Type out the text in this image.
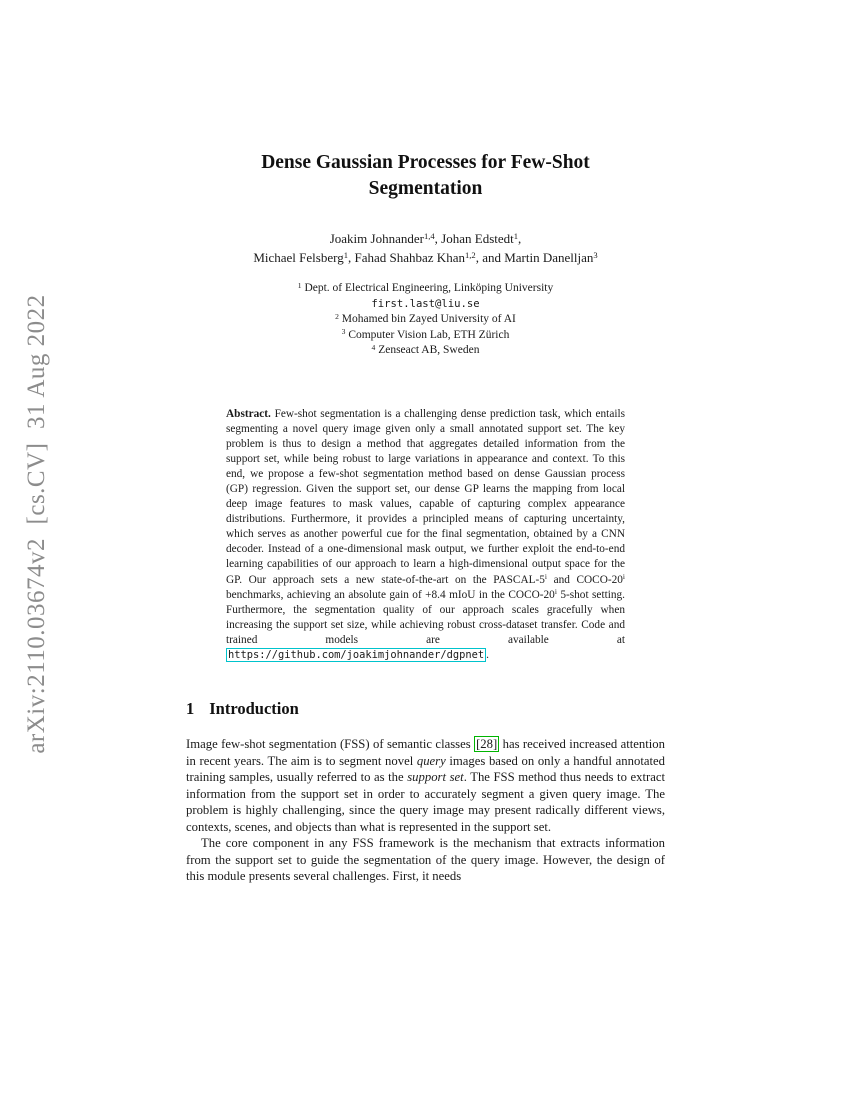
arXiv:2110.03674v2  [cs.CV]  31 Aug 2022
Dense Gaussian Processes for Few-Shot
Segmentation
Joakim Johnander$^{1,4}$, Johan Edstedt$^1$,
Michael Felsberg$^1$, Fahad Shahbaz Khan$^{1,2}$, and Martin Danelljan$^3$
$^1$ Dept. of Electrical Engineering, Linköping University
first.last@liu.se
$^2$ Mohamed bin Zayed University of AI
$^3$ Computer Vision Lab, ETH Zürich
$^4$ Zenseact AB, Sweden
Abstract. Few-shot segmentation is a challenging dense prediction task, which entails segmenting a novel query image given only a small annotated support set. The key problem is thus to design a method that aggregates detailed information from the support set, while being robust to large variations in appearance and context. To this end, we propose a few-shot segmentation method based on dense Gaussian process (GP) regression. Given the support set, our dense GP learns the mapping from local deep image features to mask values, capable of capturing complex appearance distributions. Furthermore, it provides a principled means of capturing uncertainty, which serves as another powerful cue for the final segmentation, obtained by a CNN decoder. Instead of a one-dimensional mask output, we further exploit the end-to-end learning capabilities of our approach to learn a high-dimensional output space for the GP. Our approach sets a new state-of-the-art on the PASCAL-5$^i$ and COCO-20$^i$ benchmarks, achieving an absolute gain of +8.4 mIoU in the COCO-20$^i$ 5-shot setting. Furthermore, the segmentation quality of our approach scales gracefully when increasing the support set size, while achieving robust cross-dataset transfer. Code and trained models are available at https://github.com/joakimjohnander/dgpnet .
1 Introduction
Image few-shot segmentation (FSS) of semantic classes [28] has received increased attention in recent years. The aim is to segment novel query images based on only a handful annotated training samples, usually referred to as the support set. The FSS method thus needs to extract information from the support set in order to accurately segment a given query image. The problem is highly challenging, since the query image may present radically different views, contexts, scenes, and objects than what is represented in the support set.
The core component in any FSS framework is the mechanism that extracts information from the support set to guide the segmentation of the query image. However, the design of this module presents several challenges. First, it needs
